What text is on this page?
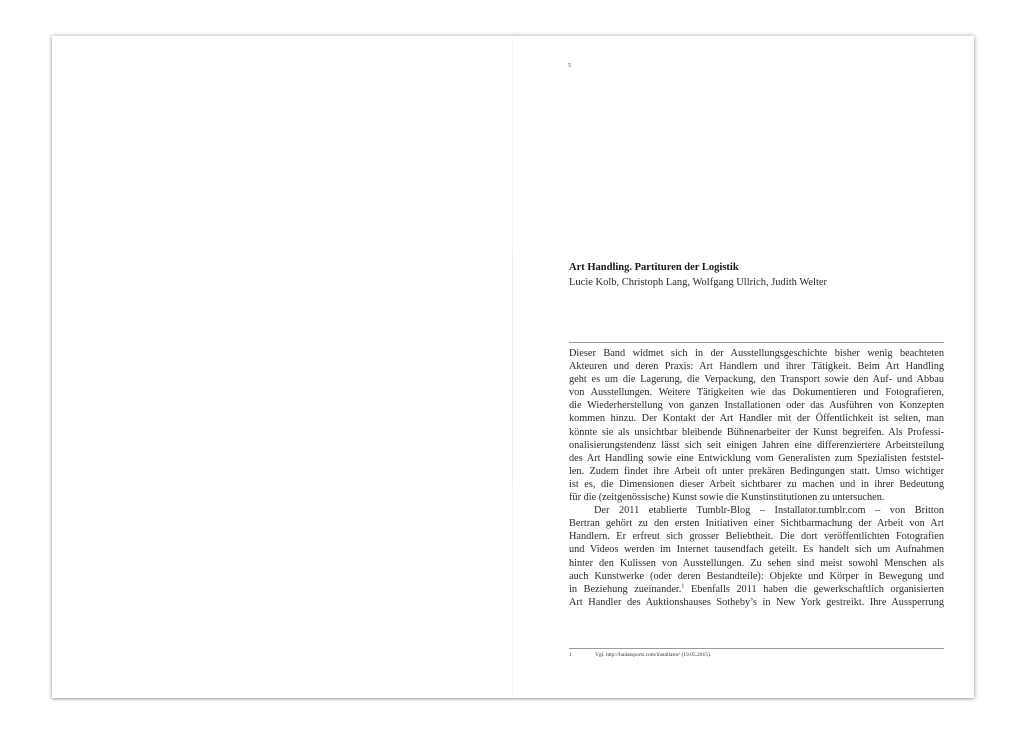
5
Art Handling. Partituren der Logistik
Lucie Kolb, Christoph Lang, Wolfgang Ullrich, Judith Welter
Dieser Band widmet sich in der Ausstellungsgeschichte bisher wenig beachteten
Akteuren und deren Praxis: Art Handlern und ihrer Tätigkeit. Beim Art Handling
geht es um die Lagerung, die Verpackung, den Transport sowie den Auf- und Abbau
von Ausstellungen. Weitere Tätigkeiten wie das Dokumentieren und Fotografieren,
die Wiederherstellung von ganzen Installationen oder das Ausführen von Konzepten
kommen hinzu. Der Kontakt der Art Handler mit der Öffentlichkeit ist selten, man
könnte sie als unsichtbar bleibende Bühnenarbeiter der Kunst begreifen. Als Professi-
onalisierungstendenz lässt sich seit einigen Jahren eine differenziertere Arbeitsteilung
des Art Handling sowie eine Entwicklung vom Generalisten zum Spezialisten feststel-
len. Zudem findet ihre Arbeit oft unter prekären Bedingungen statt. Umso wichtiger
ist es, die Dimensionen dieser Arbeit sichtbarer zu machen und in ihrer Bedeutung
für die (zeitgenössische) Kunst sowie die Kunstinstitutionen zu untersuchen.
Der 2011 etablierte Tumblr-Blog – Installator.tumblr.com – von Britton
Bertran gehört zu den ersten Initiativen einer Sichtbarmachung der Arbeit von Art
Handlern. Er erfreut sich grosser Beliebtheit. Die dort veröffentlichten Fotografien
und Videos werden im Internet tausendfach geteilt. Es handelt sich um Aufnahmen
hinter den Kulissen von Ausstellungen. Zu sehen sind meist sowohl Menschen als
auch Kunstwerke (oder deren Bestandteile): Objekte und Körper in Bewegung und
in Beziehung zueinander.$^1$ Ebenfalls 2011 haben die gewerkschaftlich organisierten
Art Handler des Auktionshauses Sotheby’s in New York gestreikt. Ihre Aussperrung
1	Vgl. http://badatsports.com/installator/ (19.05.2015).
